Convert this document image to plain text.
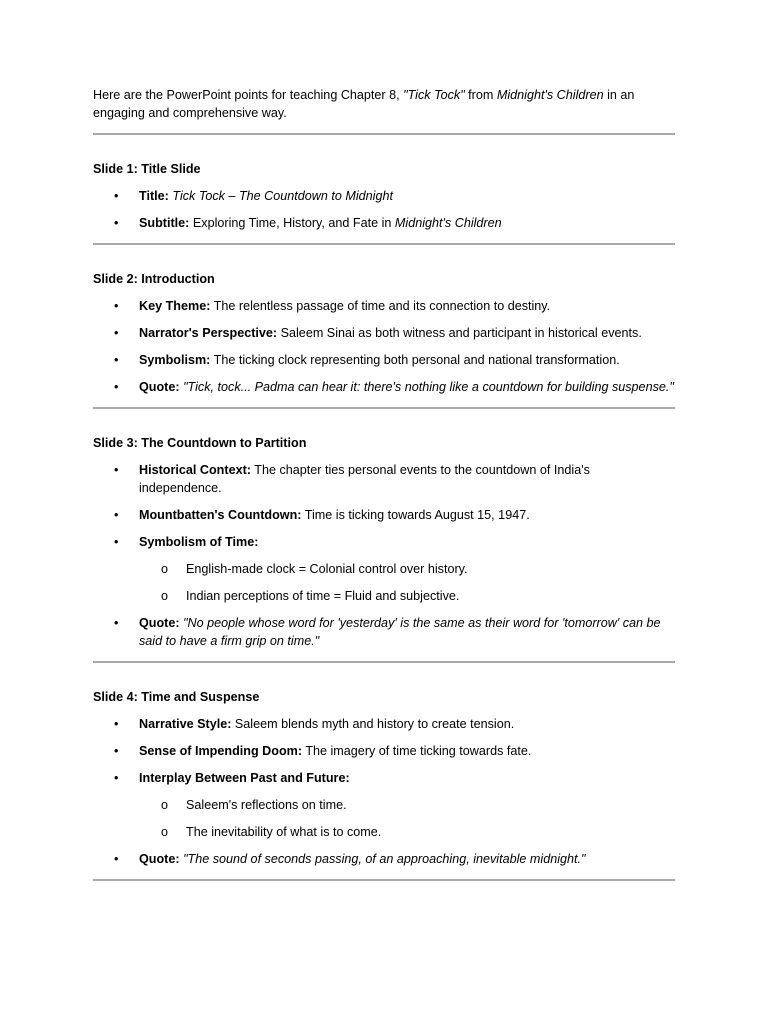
Here are the PowerPoint points for teaching Chapter 8, "Tick Tock" from Midnight's Children in an engaging and comprehensive way.

Slide 1: Title Slide
• Title: Tick Tock – The Countdown to Midnight
• Subtitle: Exploring Time, History, and Fate in Midnight's Children
Slide 2: Introduction
• Key Theme: The relentless passage of time and its connection to destiny.
• Narrator's Perspective: Saleem Sinai as both witness and participant in historical events.
• Symbolism: The ticking clock representing both personal and national transformation.
• Quote: "Tick, tock... Padma can hear it: there's nothing like a countdown for building suspense."
Slide 3: The Countdown to Partition
• Historical Context: The chapter ties personal events to the countdown of India's independence.
• Mountbatten's Countdown: Time is ticking towards August 15, 1947.
• Symbolism of Time:
o English-made clock = Colonial control over history.
o Indian perceptions of time = Fluid and subjective.
• Quote: "No people whose word for 'yesterday' is the same as their word for 'tomorrow' can be said to have a firm grip on time."
Slide 4: Time and Suspense
• Narrative Style: Saleem blends myth and history to create tension.
• Sense of Impending Doom: The imagery of time ticking towards fate.
• Interplay Between Past and Future:
o Saleem's reflections on time.
o The inevitability of what is to come.
• Quote: "The sound of seconds passing, of an approaching, inevitable midnight."
